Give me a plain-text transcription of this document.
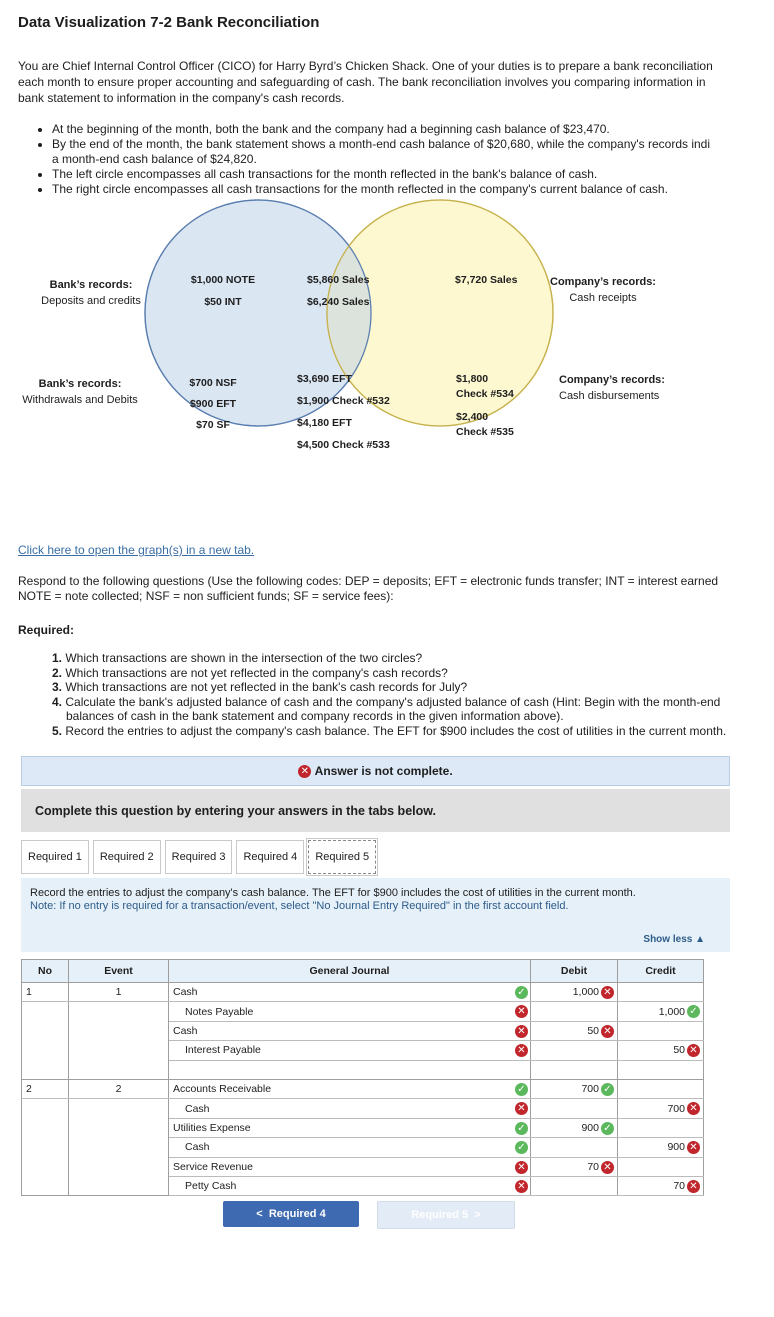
Data Visualization 7-2 Bank Reconciliation
You are Chief Internal Control Officer (CICO) for Harry Byrd’s Chicken Shack. One of your duties is to prepare a bank reconciliation
each month to ensure proper accounting and safeguarding of cash. The bank reconciliation involves you comparing information in
bank statement to information in the company's cash records.
• At the beginning of the month, both the bank and the company had a beginning cash balance of $23,470.
• By the end of the month, the bank statement shows a month-end cash balance of $20,680, while the company's records indi
a month-end cash balance of $24,820.
• The left circle encompasses all cash transactions for the month reflected in the bank's balance of cash.
• The right circle encompasses all cash transactions for the month reflected in the company's current balance of cash.
Bank’s records:
Deposits and credits
Bank’s records:
Withdrawals and Debits
Company’s records:
Cash receipts
Company’s records:
Cash disbursements
$1,000 NOTE
$50 INT
$700 NSF
$900 EFT
$70 SF
$5,860 Sales
$6,240 Sales
$3,690 EFT
$1,900 Check #532
$4,180 EFT
$4,500 Check #533
$7,720 Sales
$1,800
Check #534
$2,400
Check #535
Click here to open the graph(s) in a new tab.
Respond to the following questions (Use the following codes: DEP = deposits; EFT = electronic funds transfer; INT = interest earned
NOTE = note collected; NSF = non sufficient funds; SF = service fees):
Required:
1. Which transactions are shown in the intersection of the two circles?
2. Which transactions are not yet reflected in the company's cash records?
3. Which transactions are not yet reflected in the bank's cash records for July?
4. Calculate the bank's adjusted balance of cash and the company's adjusted balance of cash (Hint: Begin with the month-end
balances of cash in the bank statement and company records in the given information above).
5. Record the entries to adjust the company's cash balance. The EFT for $900 includes the cost of utilities in the current month.
✕
Answer is not complete.
Complete this question by entering your answers in the tabs below.
Required 1	Required 2	Required 3	Required 4	Required 5
Record the entries to adjust the company's cash balance. The EFT for $900 includes the cost of utilities in the current month.
Note: If no entry is required for a transaction/event, select "No Journal Entry Required" in the first account field.
Show less ▲
No	Event	General Journal	Debit	Credit
1	1	Cash ✓	1,000 ✕	

		Notes Payable ✕		1,000 ✓

		Cash ✕	50 ✕	

		Interest Payable ✕		50 ✕

2	2	Accounts Receivable ✓	700 ✓	

		Cash ✕		700 ✕

		Utilities Expense ✓	900 ✓	

		Cash ✓		900 ✕

		Service Revenue ✕	70 ✕	

		Petty Cash ✕		70 ✕
<
Required 4	Required 5
>
